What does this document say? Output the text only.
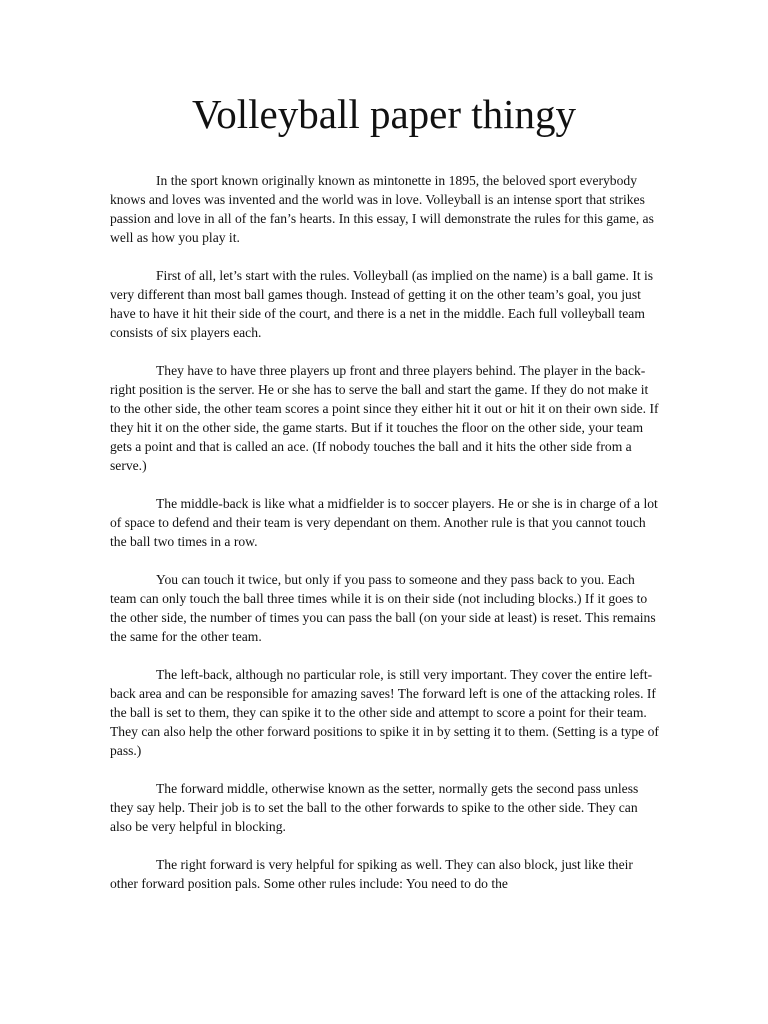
Volleyball paper thingy

In the sport known originally known as mintonette in 1895, the beloved sport everybody knows and loves was invented and the world was in love. Volleyball is an intense sport that strikes passion and love in all of the fan’s hearts. In this essay, I will demonstrate the rules for this game, as well as how you play it.

First of all, let’s start with the rules. Volleyball (as implied on the name) is a ball game. It is very different than most ball games though. Instead of getting it on the other team’s goal, you just have to have it hit their side of the court, and there is a net in the middle. Each full volleyball team consists of six players each.

They have to have three players up front and three players behind. The player in the back-right position is the server. He or she has to serve the ball and start the game. If they do not make it to the other side, the other team scores a point since they either hit it out or hit it on their own side. If they hit it on the other side, the game starts. But if it touches the floor on the other side, your team gets a point and that is called an ace. (If nobody touches the ball and it hits the other side from a serve.)

The middle-back is like what a midfielder is to soccer players. He or she is in charge of a lot of space to defend and their team is very dependant on them. Another rule is that you cannot touch the ball two times in a row.

You can touch it twice, but only if you pass to someone and they pass back to you. Each team can only touch the ball three times while it is on their side (not including blocks.) If it goes to the other side, the number of times you can pass the ball (on your side at least) is reset. This remains the same for the other team.

The left-back, although no particular role, is still very important. They cover the entire left-back area and can be responsible for amazing saves! The forward left is one of the attacking roles. If the ball is set to them, they can spike it to the other side and attempt to score a point for their team. They can also help the other forward positions to spike it in by setting it to them. (Setting is a type of pass.)

The forward middle, otherwise known as the setter, normally gets the second pass unless they say help. Their job is to set the ball to the other forwards to spike to the other side. They can also be very helpful in blocking.

The right forward is very helpful for spiking as well. They can also block, just like their other forward position pals. Some other rules include: You need to do the
